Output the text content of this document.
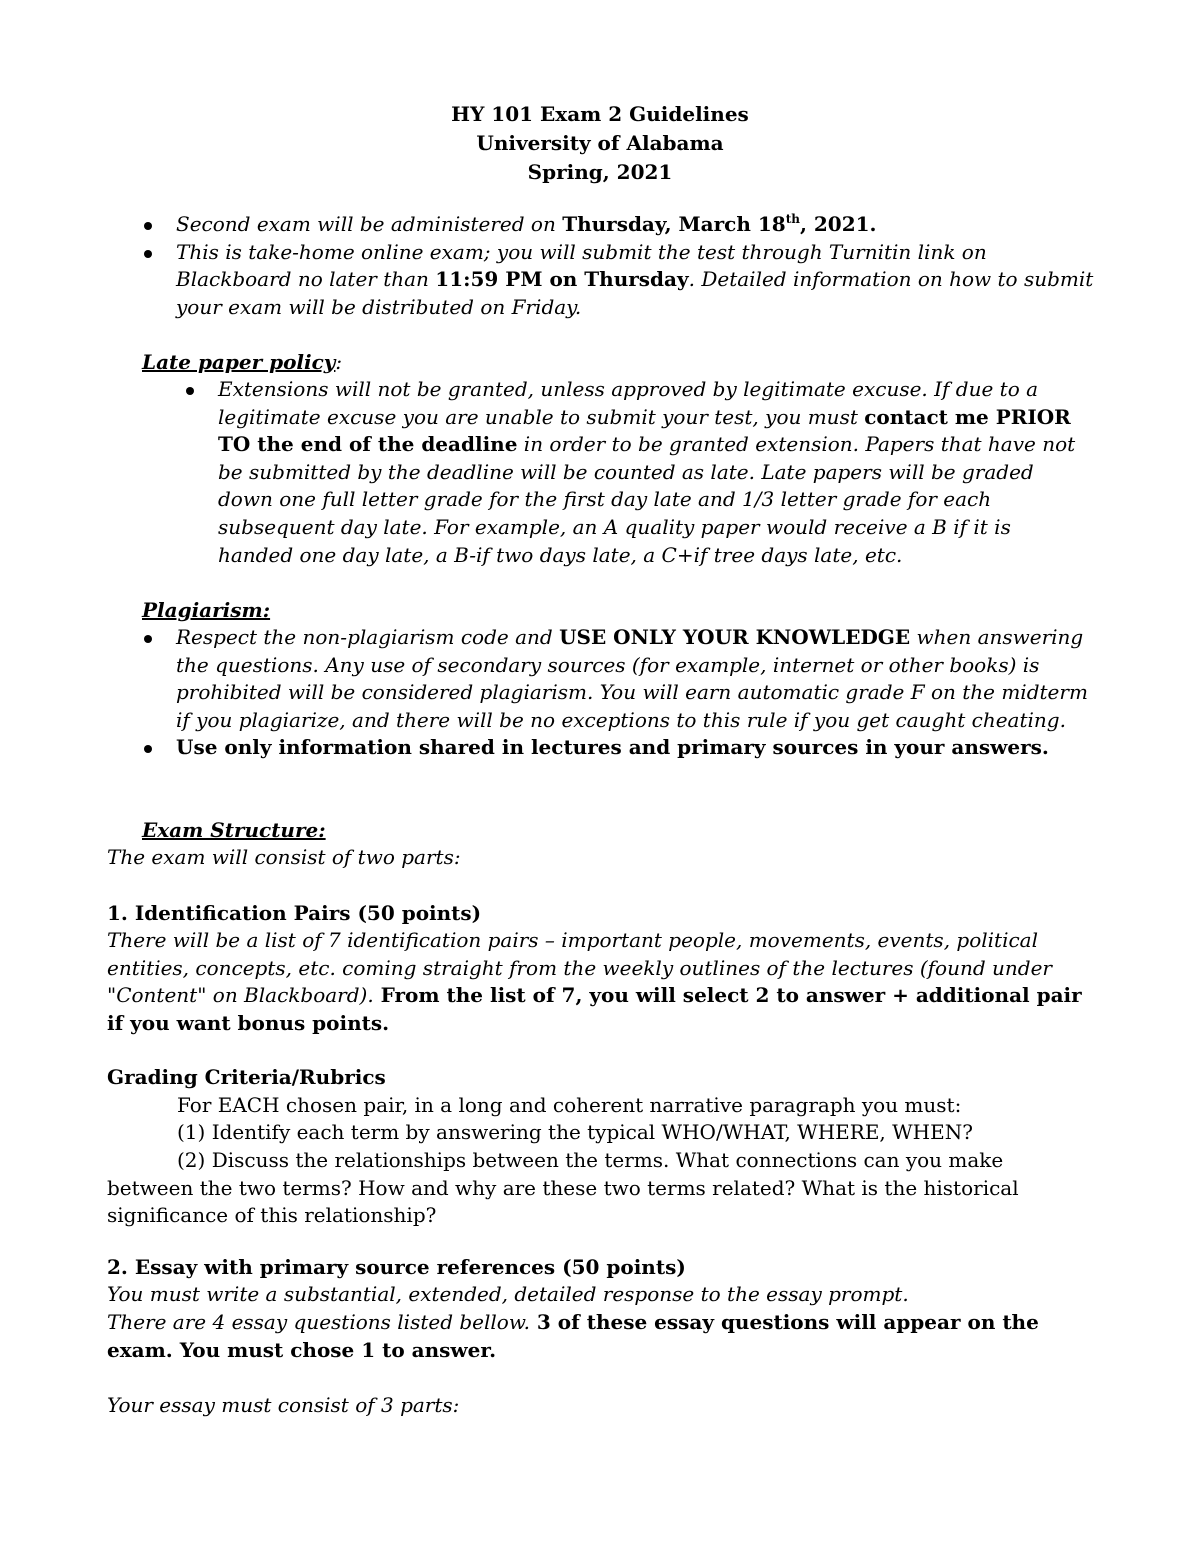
HY 101 Exam 2 Guidelines
University of Alabama
Spring, 2021
Second exam will be administered on Thursday, March 18th, 2021.
This is take-home online exam; you will submit the test through Turnitin link on Blackboard no later than 11:59 PM on Thursday. Detailed information on how to submit your exam will be distributed on Friday.
Late paper policy:
Extensions will not be granted, unless approved by legitimate excuse. If due to a legitimate excuse you are unable to submit your test, you must contact me PRIOR TO the end of the deadline in order to be granted extension. Papers that have not be submitted by the deadline will be counted as late. Late papers will be graded down one full letter grade for the first day late and 1/3 letter grade for each subsequent day late. For example, an A quality paper would receive a B if it is handed one day late, a B-if two days late, a C+if tree days late, etc.
Plagiarism:
Respect the non-plagiarism code and USE ONLY YOUR KNOWLEDGE when answering the questions. Any use of secondary sources (for example, internet or other books) is prohibited will be considered plagiarism. You will earn automatic grade F on the midterm if you plagiarize, and there will be no exceptions to this rule if you get caught cheating.
Use only information shared in lectures and primary sources in your answers.
Exam Structure:
The exam will consist of two parts:
1. Identification Pairs (50 points)
There will be a list of 7 identification pairs – important people, movements, events, political entities, concepts, etc. coming straight from the weekly outlines of the lectures (found under "Content" on Blackboard). From the list of 7, you will select 2 to answer + additional pair if you want bonus points.
Grading Criteria/Rubrics
For EACH chosen pair, in a long and coherent narrative paragraph you must:
(1) Identify each term by answering the typical WHO/WHAT, WHERE, WHEN?
(2) Discuss the relationships between the terms. What connections can you make between the two terms? How and why are these two terms related? What is the historical significance of this relationship?
2. Essay with primary source references (50 points)
You must write a substantial, extended, detailed response to the essay prompt.
There are 4 essay questions listed bellow. 3 of these essay questions will appear on the exam. You must chose 1 to answer.
Your essay must consist of 3 parts:
